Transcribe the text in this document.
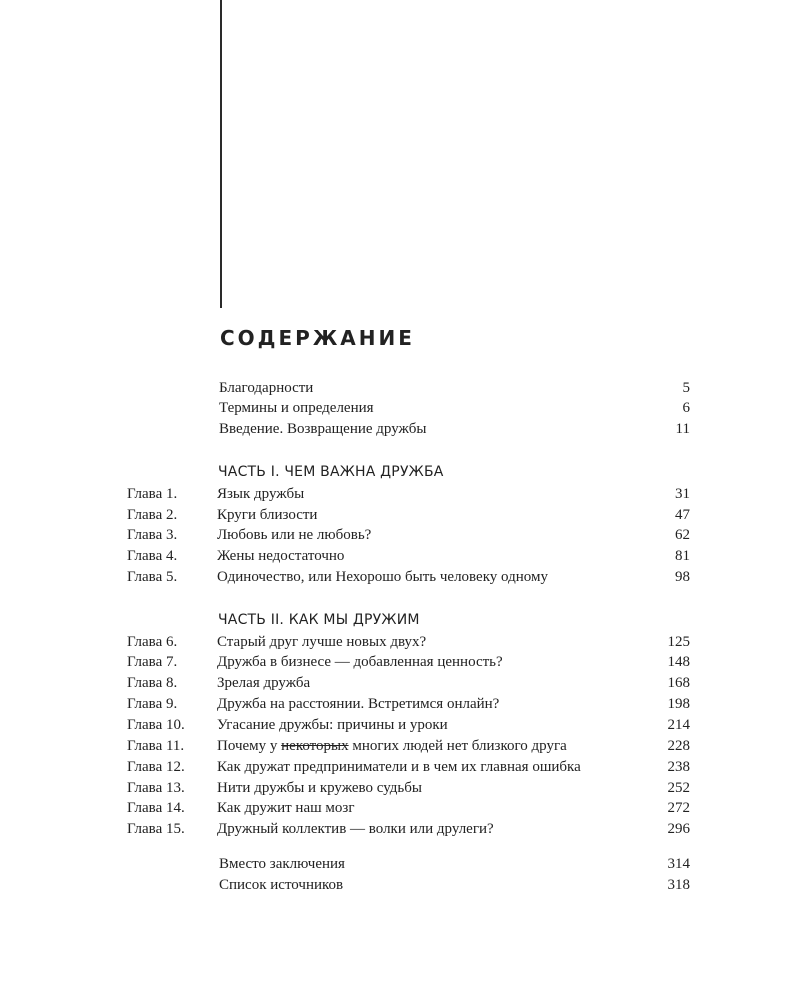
СОДЕРЖАНИЕ
Благодарности	5
Термины и определения	6
Введение. Возвращение дружбы	11
ЧАСТЬ I. ЧЕМ ВАЖНА ДРУЖБА
Глава 1.	Язык дружбы	31
Глава 2.	Круги близости	47
Глава 3.	Любовь или не любовь?	62
Глава 4.	Жены недостаточно	81
Глава 5.	Одиночество, или Нехорошо быть человеку одному	98
ЧАСТЬ II. КАК МЫ ДРУЖИМ
Глава 6.	Старый друг лучше новых двух?	125
Глава 7.	Дружба в бизнесе — добавленная ценность?	148
Глава 8.	Зрелая дружба	168
Глава 9.	Дружба на расстоянии. Встретимся онлайн?	198
Глава 10. Угасание дружбы: причины и уроки	214
Глава 11. Почему у некоторых многих людей нет близкого друга	228
Глава 12. Как дружат предприниматели и в чем их главная ошибка	238
Глава 13. Нити дружбы и кружево судьбы	252
Глава 14. Как дружит наш мозг	272
Глава 15. Дружный коллектив — волки или друлеги?	296
Вместо заключения	314
Список источников	318
